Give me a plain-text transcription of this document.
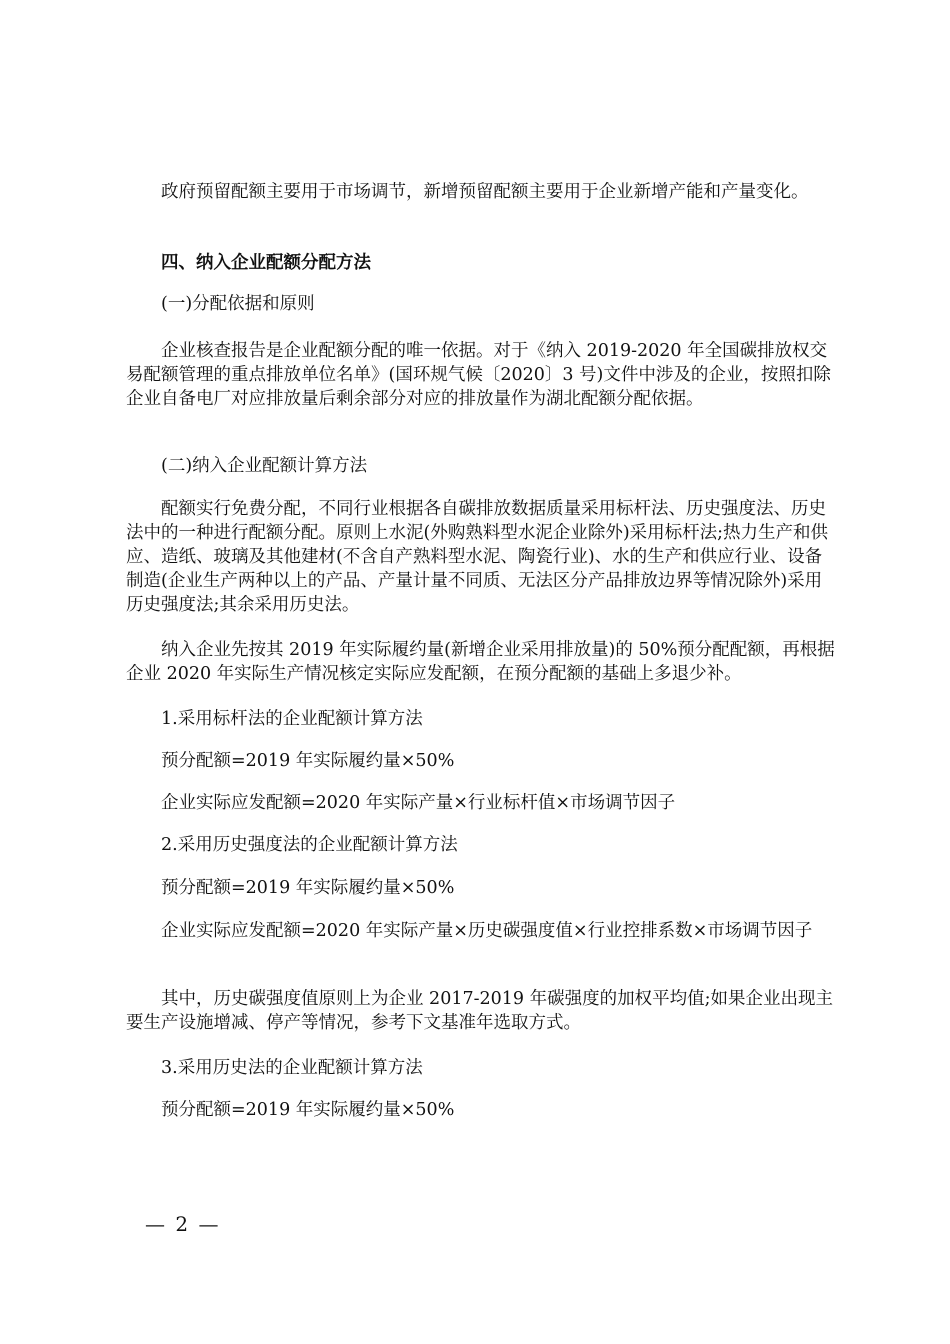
政府预留配额主要用于市场调节，新增预留配额主要用于企业新增产能和产量变化。

四、纳入企业配额分配方法

(一)分配依据和原则

企业核查报告是企业配额分配的唯一依据。对于《纳入 2019-2020 年全国碳排放权交易配额管理的重点排放单位名单》(国环规气候〔2020〕3 号)文件中涉及的企业，按照扣除企业自备电厂对应排放量后剩余部分对应的排放量作为湖北配额分配依据。

(二)纳入企业配额计算方法

配额实行免费分配，不同行业根据各自碳排放数据质量采用标杆法、历史强度法、历史法中的一种进行配额分配。原则上水泥(外购熟料型水泥企业除外)采用标杆法;热力生产和供应、造纸、玻璃及其他建材(不含自产熟料型水泥、陶瓷行业)、水的生产和供应行业、设备制造(企业生产两种以上的产品、产量计量不同质、无法区分产品排放边界等情况除外)采用历史强度法;其余采用历史法。

纳入企业先按其 2019 年实际履约量(新增企业采用排放量)的 50%预分配配额，再根据企业 2020 年实际生产情况核定实际应发配额，在预分配额的基础上多退少补。

1.采用标杆法的企业配额计算方法

预分配额=2019 年实际履约量×50%

企业实际应发配额=2020 年实际产量×行业标杆值×市场调节因子

2.采用历史强度法的企业配额计算方法

预分配额=2019 年实际履约量×50%

企业实际应发配额=2020 年实际产量×历史碳强度值×行业控排系数×市场调节因子

其中，历史碳强度值原则上为企业 2017-2019 年碳强度的加权平均值;如果企业出现主要生产设施增减、停产等情况，参考下文基准年选取方式。

3.采用历史法的企业配额计算方法

预分配额=2019 年实际履约量×50%

— 2 —
